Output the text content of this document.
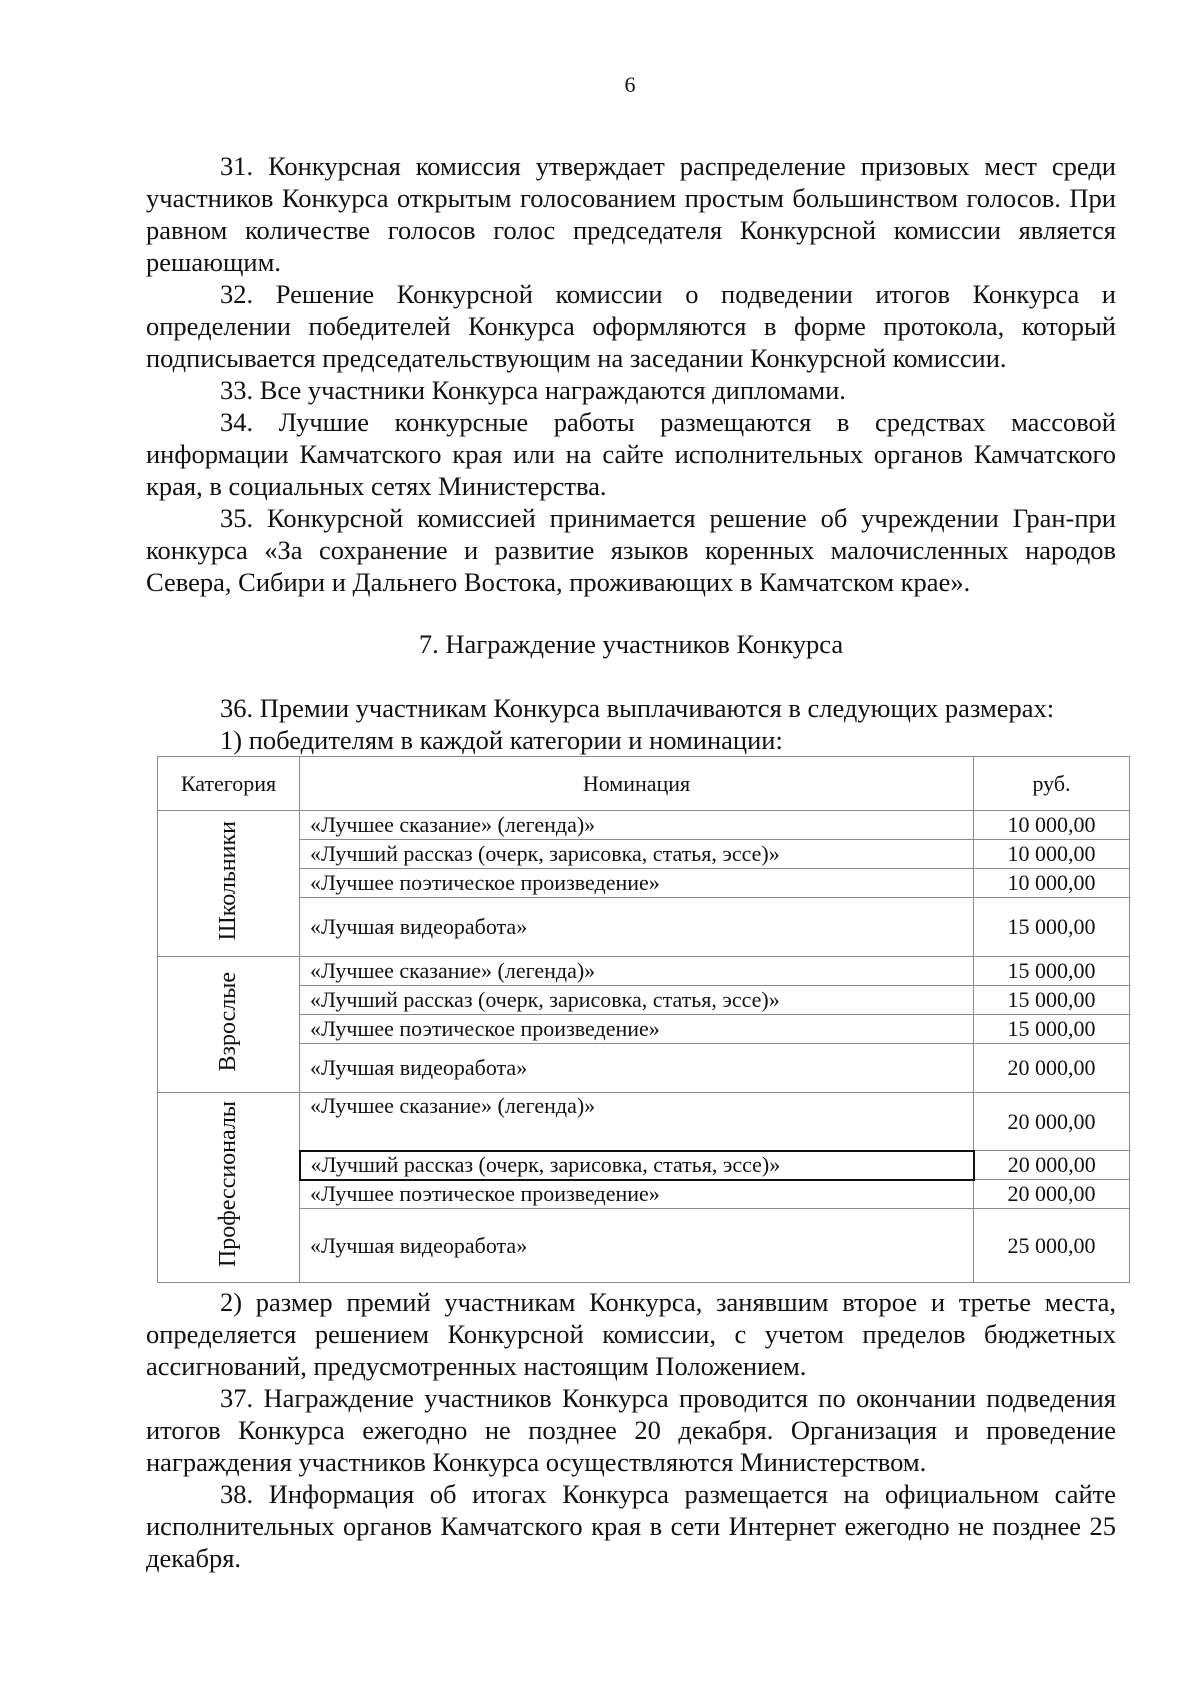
6

31. Конкурсная комиссия утверждает распределение призовых мест среди участников Конкурса открытым голосованием простым большинством голосов. При равном количестве голосов голос председателя Конкурсной комиссии является решающим.

32. Решение Конкурсной комиссии о подведении итогов Конкурса и определении победителей Конкурса оформляются в форме протокола, который подписывается председательствующим на заседании Конкурсной комиссии.

33. Все участники Конкурса награждаются дипломами.

34. Лучшие конкурсные работы размещаются в средствах массовой информации Камчатского края или на сайте исполнительных органов Камчатского края, в социальных сетях Министерства.

35. Конкурсной комиссией принимается решение об учреждении Гран-при конкурса «За сохранение и развитие языков коренных малочисленных народов Севера, Сибири и Дальнего Востока, проживающих в Камчатском крае».

7. Награждение участников Конкурса

36. Премии участникам Конкурса выплачиваются в следующих размерах:

1) победителям в каждой категории и номинации:

Категория	Номинация	руб.
Школьники	«Лучшее сказание» (легенда)»	10 000,00
	«Лучший рассказ (очерк, зарисовка, статья, эссе)»	10 000,00
	«Лучшее поэтическое произведение»	10 000,00
	«Лучшая видеоработа»	15 000,00
Взрослые	«Лучшее сказание» (легенда)»	15 000,00
	«Лучший рассказ (очерк, зарисовка, статья, эссе)»	15 000,00
	«Лучшее поэтическое произведение»	15 000,00
	«Лучшая видеоработа»	20 000,00
Профессионалы	«Лучшее сказание» (легенда)»	20 000,00
	«Лучший рассказ (очерк, зарисовка, статья, эссе)»	20 000,00
	«Лучшее поэтическое произведение»	20 000,00
	«Лучшая видеоработа»	25 000,00

2) размер премий участникам Конкурса, занявшим второе и третье места, определяется решением Конкурсной комиссии, с учетом пределов бюджетных ассигнований, предусмотренных настоящим Положением.

37. Награждение участников Конкурса проводится по окончании подведения итогов Конкурса ежегодно не позднее 20 декабря. Организация и проведение награждения участников Конкурса осуществляются Министерством.

38. Информация об итогах Конкурса размещается на официальном сайте исполнительных органов Камчатского края в сети Интернет ежегодно не позднее 25 декабря.
